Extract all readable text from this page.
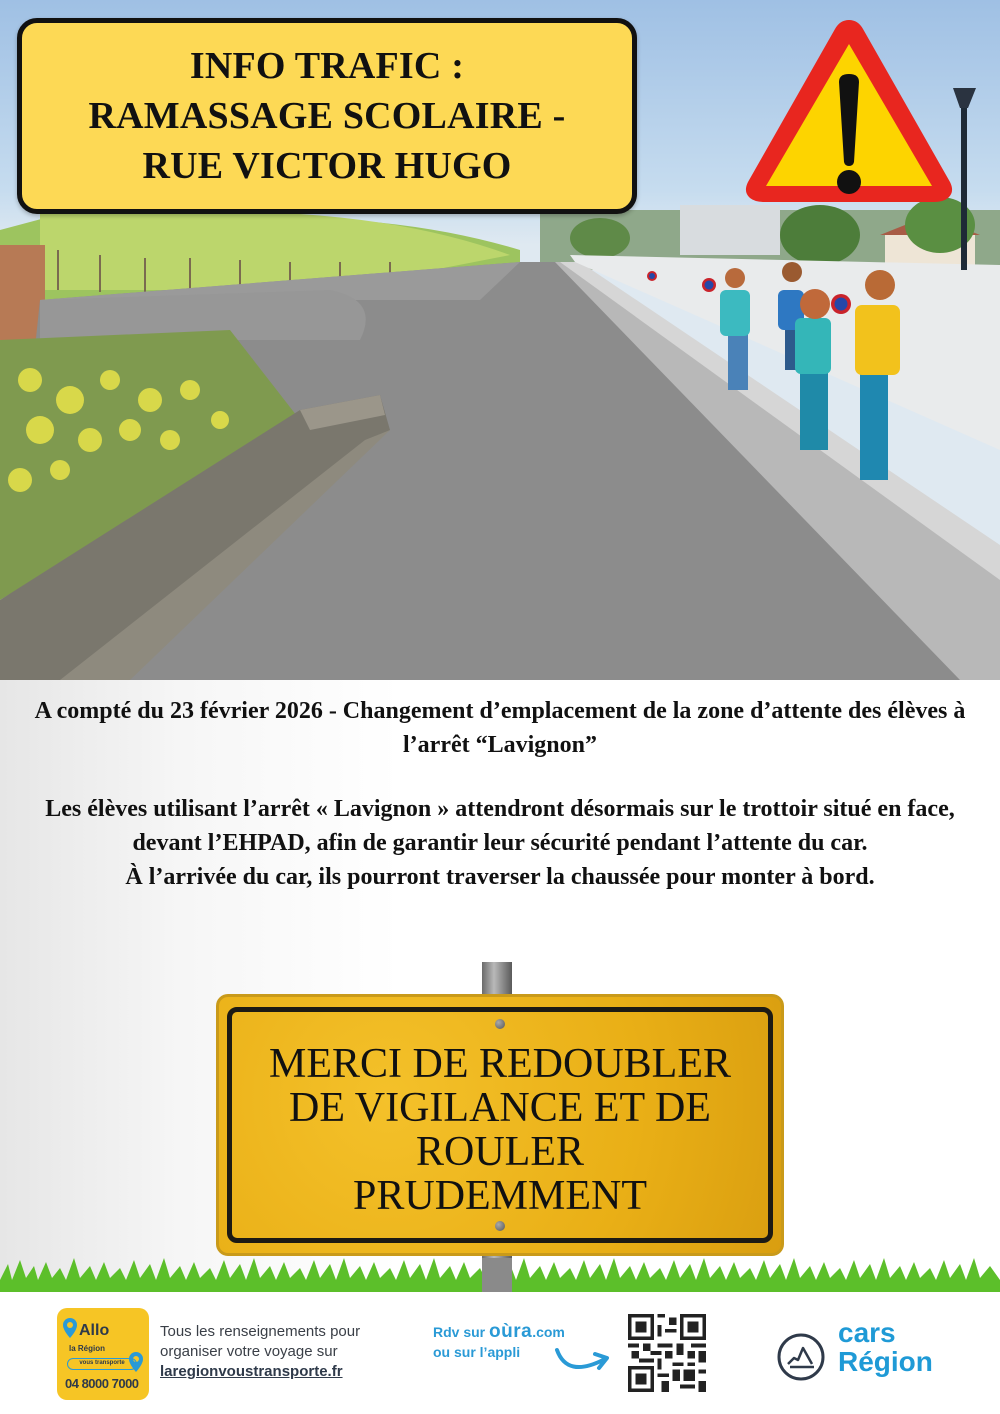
INFO TRAFIC :
RAMASSAGE SCOLAIRE -
RUE VICTOR HUGO
A compté du 23 février 2026 - Changement d’emplacement de la zone d’attente des élèves à l’arrêt “Lavignon”
Les élèves utilisant l’arrêt « Lavignon » attendront désormais sur le trottoir situé en face, devant l’EHPAD, afin de garantir leur sécurité pendant l’attente du car.
À l’arrivée du car, ils pourront traverser la chaussée pour monter à bord.
MERCI DE REDOUBLER
DE VIGILANCE ET DE
ROULER
PRUDEMMENT
Allo
la Région
vous transporte
04 8000 7000
Tous les renseignements pour
organiser votre voyage sur
laregionvoustransporte.fr
Rdv sur oùra.com
ou sur l’appli
cars
Région
